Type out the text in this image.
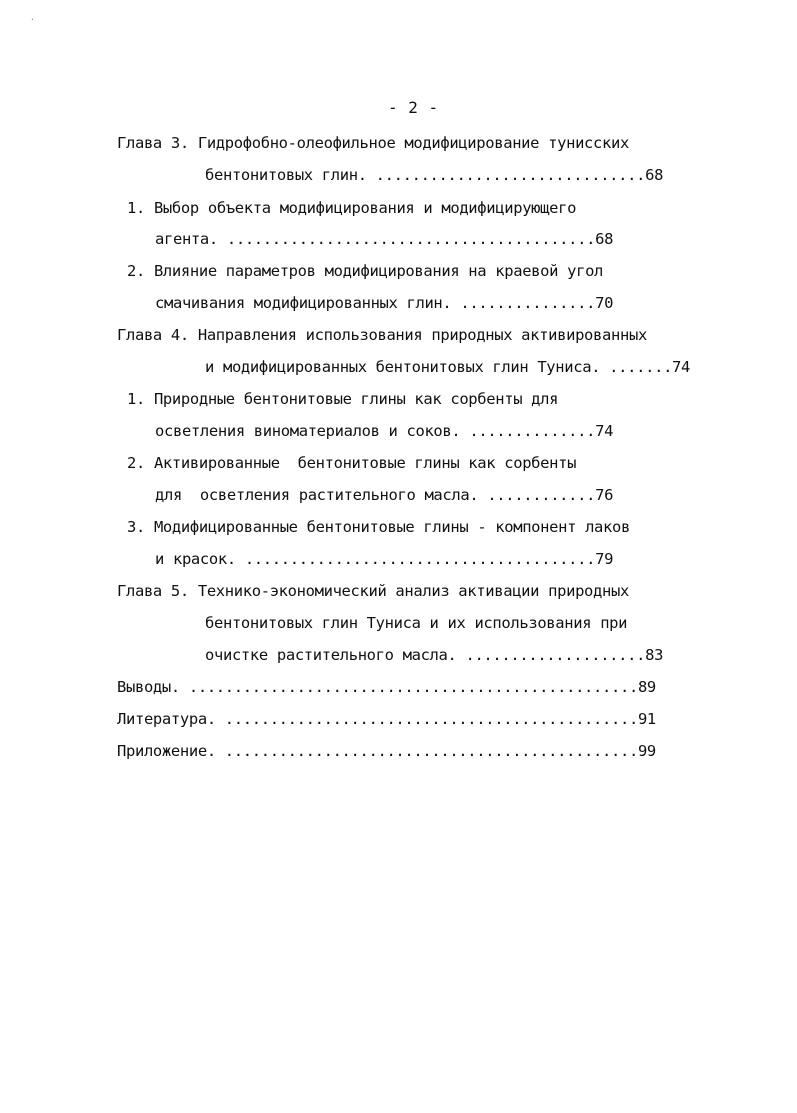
·
- 2 -
Глава 3. Гидрофобно-олеофильное модифицирование тунисских
бентонитовых глин. ..............................68
1. Выбор объекта модифицирования и модифицирующего
агента. .........................................68
2. Влияние параметров модифицирования на краевой угол
смачивания модифицированных глин. ...............70
Глава 4. Направления использования природных активированных
и модифицированных бентонитовых глин Туниса. .......74
1. Природные бентонитовые глины как сорбенты для
осветления виноматериалов и соков. ..............74
2. Активированные  бентонитовые глины как сорбенты
для  осветления растительного масла. ............76
3. Модифицированные бентонитовые глины - компонент лаков
и красок. .......................................79
Глава 5. Технико-экономический анализ активации природных
бентонитовых глин Туниса и их использования при
очистке растительного масла. ....................83
Выводы. ..................................................89
Литература. ..............................................91
Приложение. ..............................................99
